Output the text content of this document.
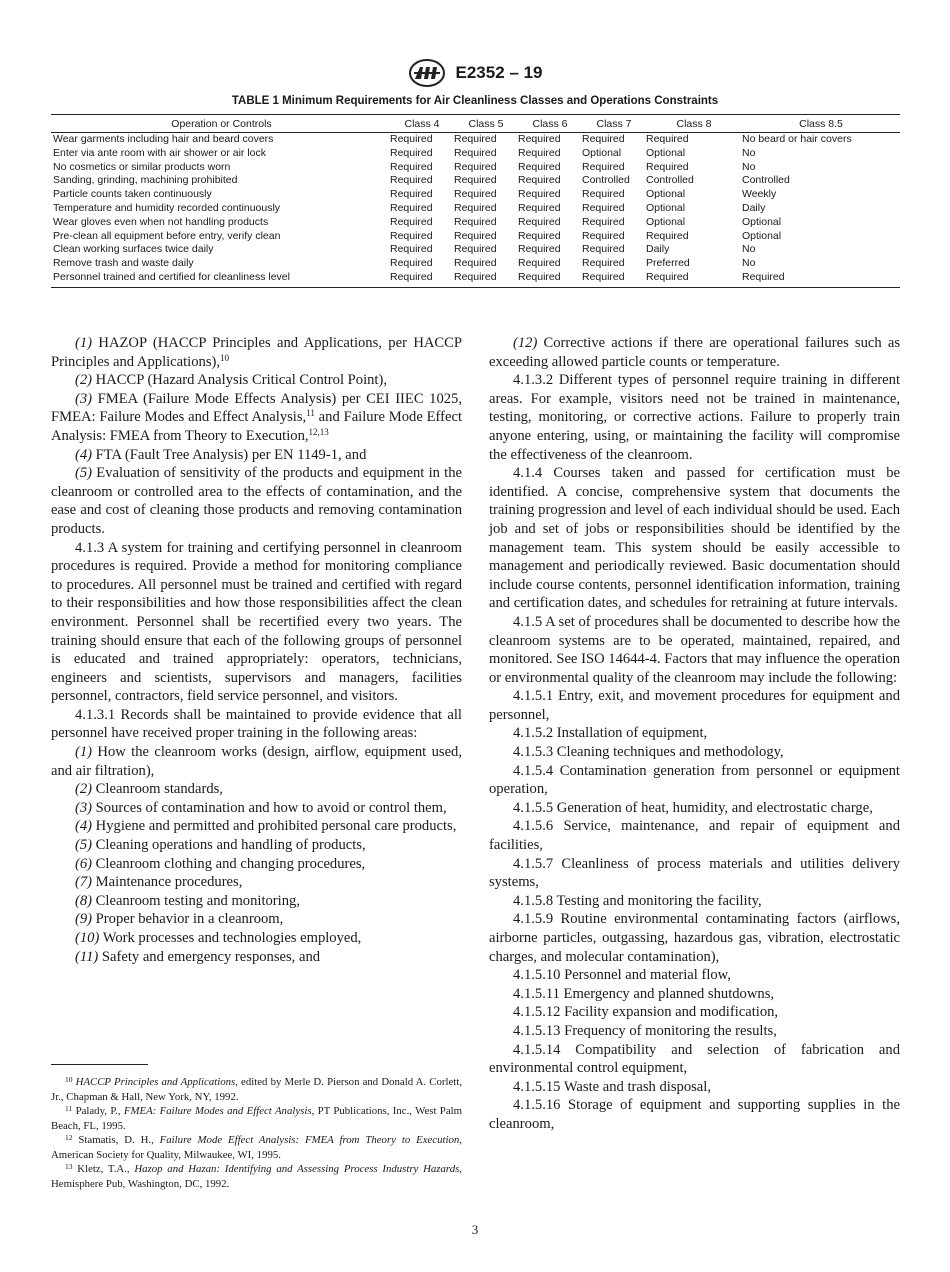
E2352 – 19
TABLE 1 Minimum Requirements for Air Cleanliness Classes and Operations Constraints
Operation or Controls	Class 4	Class 5	Class 6	Class 7	Class 8	Class 8.5
Wear garments including hair and beard covers	Required	Required	Required	Required	Required	No beard or hair covers
Enter via ante room with air shower or air lock	Required	Required	Required	Optional	Optional	No
No cosmetics or similar products worn	Required	Required	Required	Required	Required	No
Sanding, grinding, machining prohibited	Required	Required	Required	Controlled	Controlled	Controlled
Particle counts taken continuously	Required	Required	Required	Required	Optional	Weekly
Temperature and humidity recorded continuously	Required	Required	Required	Required	Optional	Daily
Wear gloves even when not handling products	Required	Required	Required	Required	Optional	Optional
Pre-clean all equipment before entry, verify clean	Required	Required	Required	Required	Required	Optional
Clean working surfaces twice daily	Required	Required	Required	Required	Daily	No
Remove trash and waste daily	Required	Required	Required	Required	Preferred	No
Personnel trained and certified for cleanliness level	Required	Required	Required	Required	Required	Required

(1) HAZOP (HACCP Principles and Applications, per HACCP Principles and Applications),$^{10}$

(2) HACCP (Hazard Analysis Critical Control Point),

(3) FMEA (Failure Mode Effects Analysis) per CEI IIEC 1025, FMEA: Failure Modes and Effect Analysis,$^{11}$ and Failure Mode Effect Analysis: FMEA from Theory to Execution,$^{12,13}$

(4) FTA (Fault Tree Analysis) per EN 1149-1, and

(5) Evaluation of sensitivity of the products and equipment in the cleanroom or controlled area to the effects of contamination, and the ease and cost of cleaning those products and removing contamination products.

4.1.3 A system for training and certifying personnel in cleanroom procedures is required. Provide a method for monitoring compliance to procedures. All personnel must be trained and certified with regard to their responsibilities and how those responsibilities affect the clean environment. Personnel shall be recertified every two years. The training should ensure that each of the following groups of personnel is educated and trained appropriately: operators, technicians, engineers and scientists, supervisors and managers, facilities personnel, contractors, field service personnel, and visitors.

4.1.3.1 Records shall be maintained to provide evidence that all personnel have received proper training in the following areas:

(1) How the cleanroom works (design, airflow, equipment used, and air filtration),

(2) Cleanroom standards,

(3) Sources of contamination and how to avoid or control them,

(4) Hygiene and permitted and prohibited personal care products,

(5) Cleaning operations and handling of products,

(6) Cleanroom clothing and changing procedures,

(7) Maintenance procedures,

(8) Cleanroom testing and monitoring,

(9) Proper behavior in a cleanroom,

(10) Work processes and technologies employed,

(11) Safety and emergency responses, and

(12) Corrective actions if there are operational failures such as exceeding allowed particle counts or temperature.

4.1.3.2 Different types of personnel require training in different areas. For example, visitors need not be trained in maintenance, testing, monitoring, or corrective actions. Failure to properly train anyone entering, using, or maintaining the facility will compromise the effectiveness of the cleanroom.

4.1.4 Courses taken and passed for certification must be identified. A concise, comprehensive system that documents the training progression and level of each individual should be used. Each job and set of jobs or responsibilities should be identified by the management team. This system should be easily accessible to management and periodically reviewed. Basic documentation should include course contents, personnel identification information, training and certification dates, and schedules for retraining at future intervals.

4.1.5 A set of procedures shall be documented to describe how the cleanroom systems are to be operated, maintained, repaired, and monitored. See ISO 14644-4. Factors that may influence the operation or environmental quality of the cleanroom may include the following:

4.1.5.1 Entry, exit, and movement procedures for equipment and personnel,

4.1.5.2 Installation of equipment,

4.1.5.3 Cleaning techniques and methodology,

4.1.5.4 Contamination generation from personnel or equipment operation,

4.1.5.5 Generation of heat, humidity, and electrostatic charge,

4.1.5.6 Service, maintenance, and repair of equipment and facilities,

4.1.5.7 Cleanliness of process materials and utilities delivery systems,

4.1.5.8 Testing and monitoring the facility,

4.1.5.9 Routine environmental contaminating factors (airflows, airborne particles, outgassing, hazardous gas, vibration, electrostatic charges, and molecular contamination),

4.1.5.10 Personnel and material flow,

4.1.5.11 Emergency and planned shutdowns,

4.1.5.12 Facility expansion and modification,

4.1.5.13 Frequency of monitoring the results,

4.1.5.14 Compatibility and selection of fabrication and environmental control equipment,

4.1.5.15 Waste and trash disposal,

4.1.5.16 Storage of equipment and supporting supplies in the cleanroom,

$^{10}$ HACCP Principles and Applications, edited by Merle D. Pierson and Donald A. Corlett, Jr., Chapman & Hall, New York, NY, 1992.

$^{11}$ Palady, P., FMEA: Failure Modes and Effect Analysis, PT Publications, Inc., West Palm Beach, FL, 1995.

$^{12}$ Stamatis, D. H., Failure Mode Effect Analysis: FMEA from Theory to Execution, American Society for Quality, Milwaukee, WI, 1995.

$^{13}$ Kletz, T.A., Hazop and Hazan: Identifying and Assessing Process Industry Hazards, Hemisphere Pub, Washington, DC, 1992.

3
